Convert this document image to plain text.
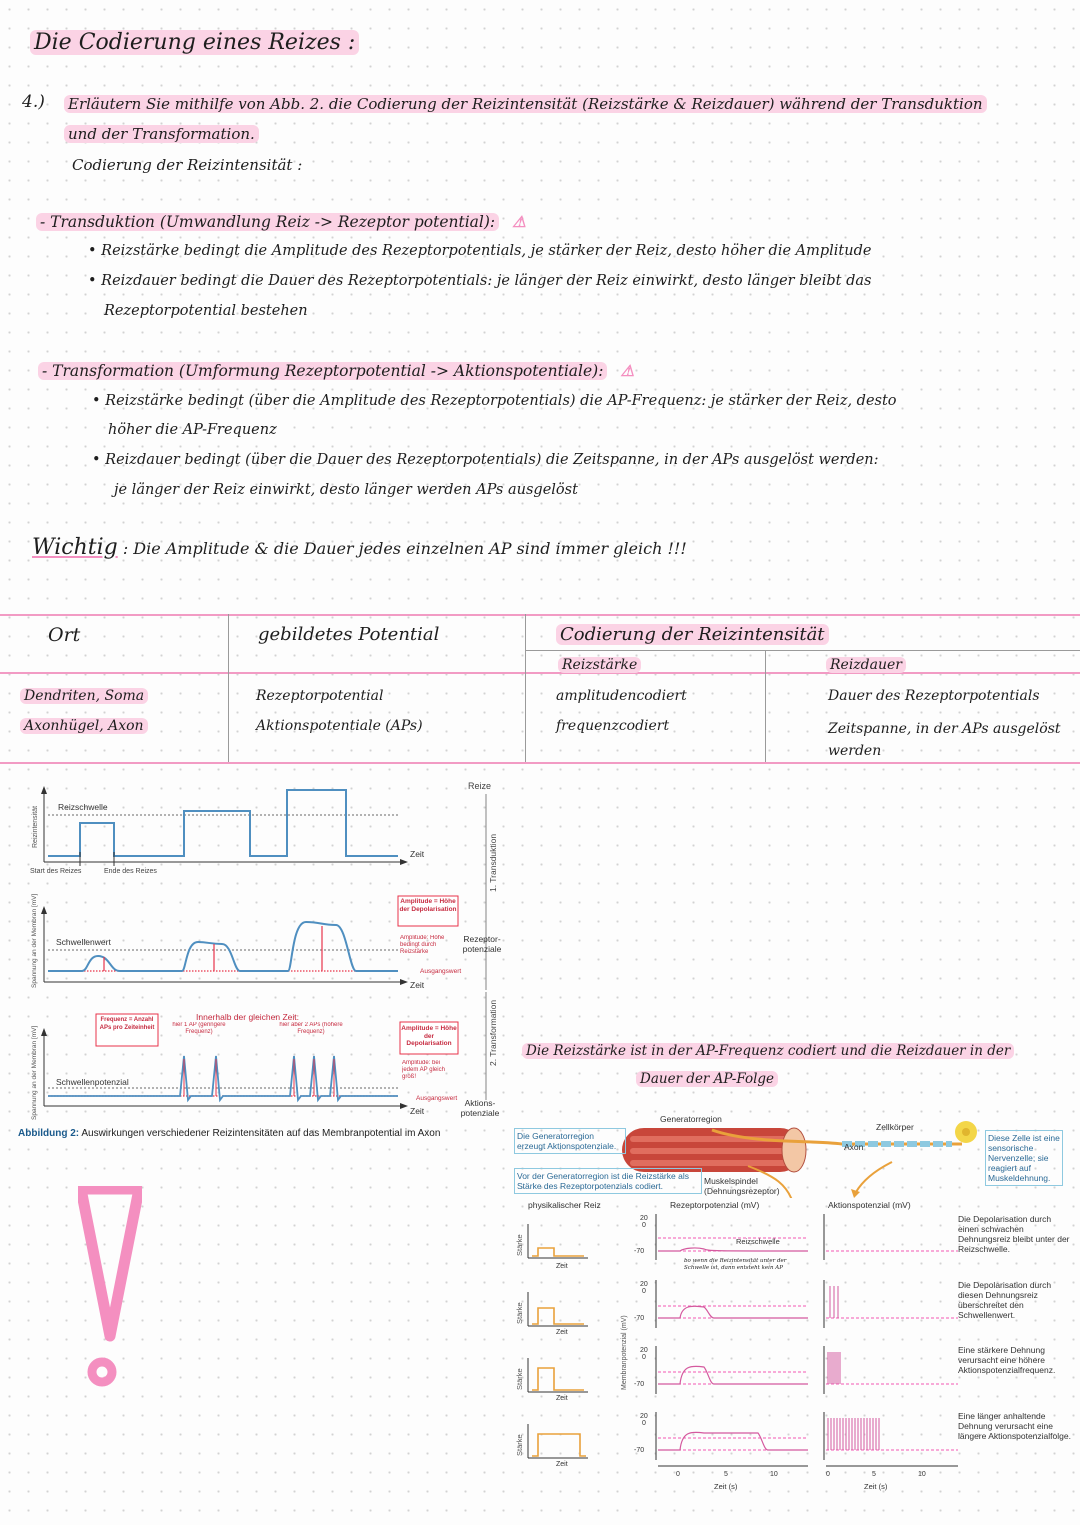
Die Codierung eines Reizes :
4.) Erläutern Sie mithilfe von Abb. 2. die Codierung der Reizintensität (Reizstärke & Reizdauer) während der Transduktion
und der Transformation.
Codierung der Reizintensität :
- Transduktion (Umwandlung Reiz -> Rezeptor potential): ⚠
• Reizstärke bedingt die Amplitude des Rezeptorpotentials, je stärker der Reiz, desto höher die Amplitude
• Reizdauer bedingt die Dauer des Rezeptorpotentials: je länger der Reiz einwirkt, desto länger bleibt das
Rezeptorpotential bestehen
- Transformation (Umformung Rezeptorpotential -> Aktionspotentiale): ⚠
• Reizstärke bedingt (über die Amplitude des Rezeptorpotentials) die AP-Frequenz: je stärker der Reiz, desto
höher die AP-Frequenz
• Reizdauer bedingt (über die Dauer des Rezeptorpotentials) die Zeitspanne, in der APs ausgelöst werden:
je länger der Reiz einwirkt, desto länger werden APs ausgelöst
Wichtig : Die Amplitude & die Dauer jedes einzelnen AP sind immer gleich !!!
Ort	gebildetes Potential	Codierung der Reizintensität
Reizstärke	Reizdauer
Dendriten, Soma	Rezeptorpotential	amplitudencodiert	Dauer des Rezeptorpotentials
Axonhügel, Axon	Aktionspotentiale (APs)	frequenzcodiert	Zeitspanne, in der APs ausgelöst werden
Reize
Reizintensität Reizschwelle
Zeit
Start des Reizes	Ende des Reizes	1. Transduktion
Spannung an der Membran [mV] Schwellenwert
Zeit
Amplitude = Höhe der Depolarisation
Amplitude: Höhe bedingt durch Reizstärke
Rezeptor- potenziale
Ausgangswert
2. Transformation
Spannung an der Membran [mV] Schwellenpotenzial
Zeit
Frequenz = Anzahl APs pro Zeiteinheit
Innerhalb der gleichen Zeit:
hier 1 AP (geringere Frequenz)
hier aber 2 APs (höhere Frequenz)	Amplitude = Höhe der Depolarisation
Amplitude: bei jedem AP gleich groß!
Ausgangswert Aktions- potenziale
Abbildung 2: Auswirkungen verschiedener Reizintensitäten auf das Membranpotential im Axon
Die Reizstärke ist in der AP-Frequenz codiert und die Reizdauer in der
Dauer der AP-Folge
Generatorregion
Axon
Zellkörper
Die Generatorregion erzeugt Aktionspotenziale.
Diese Zelle ist eine sensorische Nervenzelle; sie reagiert auf Muskeldehnung.
Vor der Generatorregion ist die Reizstärke als Stärke des Rezeptorpotenzials codiert.	Muskelspindel (Dehnungsrezeptor)
physikalischer Reiz	Rezeptorpotenzial (mV)	Aktionspotenzial (mV)
Membranpotenzial (mV)
Stärke
Zeit
20
0
-70
Reizschwelle
bo wenn die Reizintensität unter der Schwelle ist, dann entsteht kein AP
Stärke
Zeit
20
0
-70
Stärke
Zeit
20
0
-70
Stärke
Zeit
20
0
-70
0	5	10
Zeit (s)
0	5	10
Zeit (s)
Die Depolarisation durch einen schwachen Dehnungsreiz bleibt unter der Reizschwelle.
Die Depolarisation durch diesen Dehnungsreiz überschreitet den Schwellenwert.
Eine stärkere Dehnung verursacht eine höhere Aktionspotenzialfrequenz.
Eine länger anhaltende Dehnung verursacht eine längere Aktionspotenzialfolge.
